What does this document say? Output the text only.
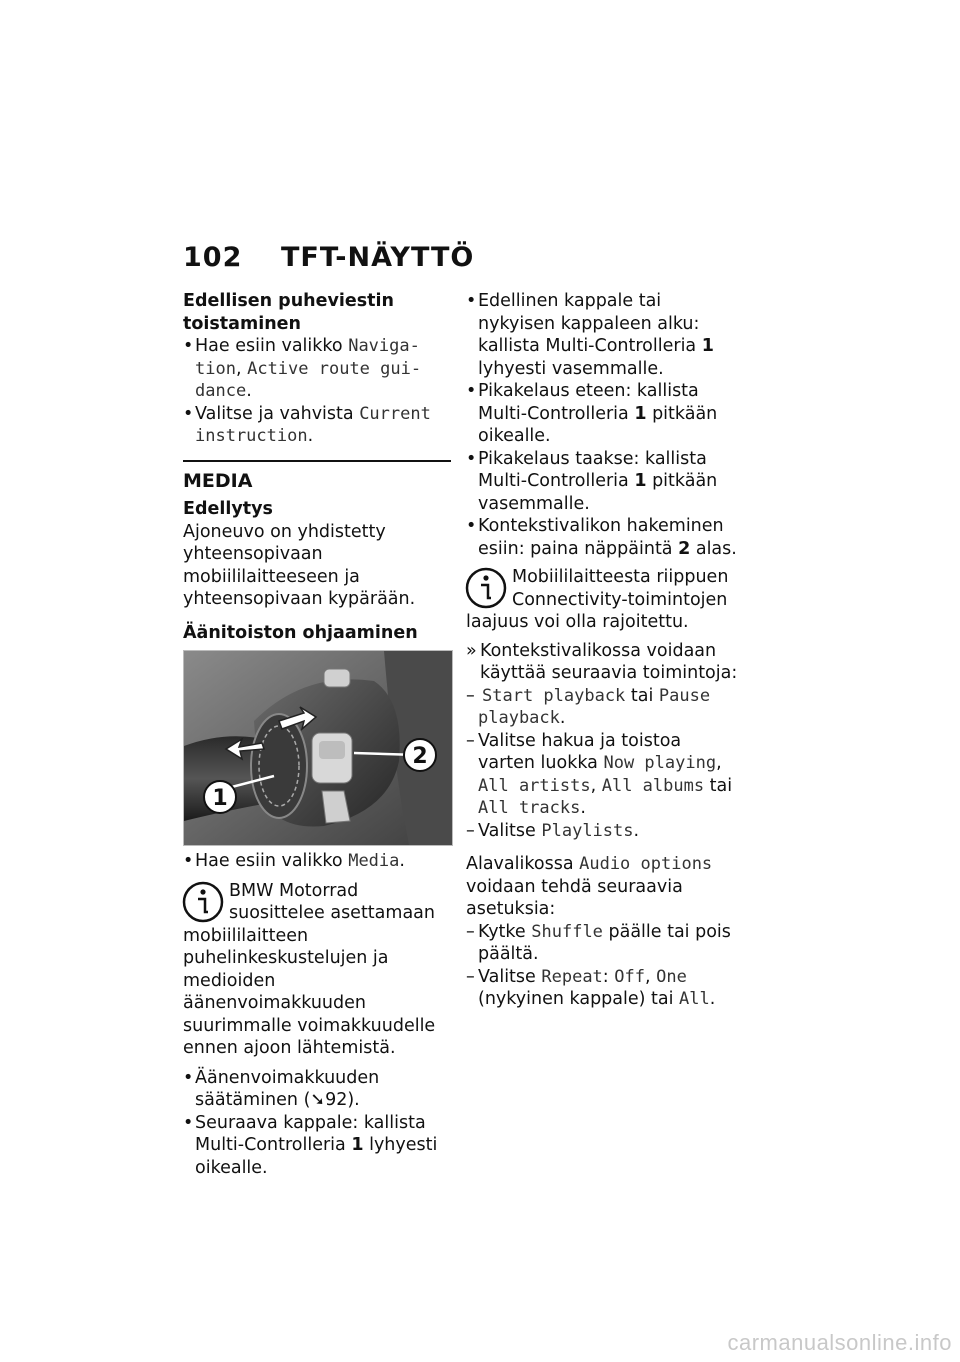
102 TFT-NÄYTTÖ

Edellisen puheviestin toistaminen

• Hae esiin valikko Naviga-tion, Active route gui-dance.
• Valitse ja vahvista Current instruction.

MEDIA

Edellytys

Ajoneuvo on yhdistetty yhteensopivaan mobiililaitteeseen ja yhteensopivaan kypärään.

Äänitoiston ohjaaminen

1
2
• Hae esiin valikko Media.
BMW Motorrad suosittelee asettamaan mobiililaitteen puhelinkeskustelujen ja medioiden äänenvoimakkuuden suurimmalle voimakkuudelle ennen ajoon lähtemistä.
• Äänenvoimakkuuden säätäminen (➘92).
• Seuraava kappale: kallista Multi-Controlleria 1 lyhyesti oikealle.
• Edellinen kappale tai nykyisen kappaleen alku: kallista Multi-Controlleria 1 lyhyesti vasemmalle.
• Pikakelaus eteen: kallista Multi-Controlleria 1 pitkään oikealle.
• Pikakelaus taakse: kallista Multi-Controlleria 1 pitkään vasemmalle.
• Kontekstivalikon hakeminen esiin: paina näppäintä 2 alas.
Mobiililaitteesta riippuen Connectivity-toimintojen laajuus voi olla rajoitettu.

» Kontekstivalikossa voidaan käyttää seuraavia toimintoja:

– Start playback tai Pause playback.
– Valitse hakua ja toistoa varten luokka Now playing, All artists, All albums tai All tracks.
– Valitse Playlists.

Alavalikossa Audio options voidaan tehdä seuraavia asetuksia:

– Kytke Shuffle päälle tai pois päältä.
– Valitse Repeat: Off, One (nykyinen kappale) tai All.
carmanualsonline.info
